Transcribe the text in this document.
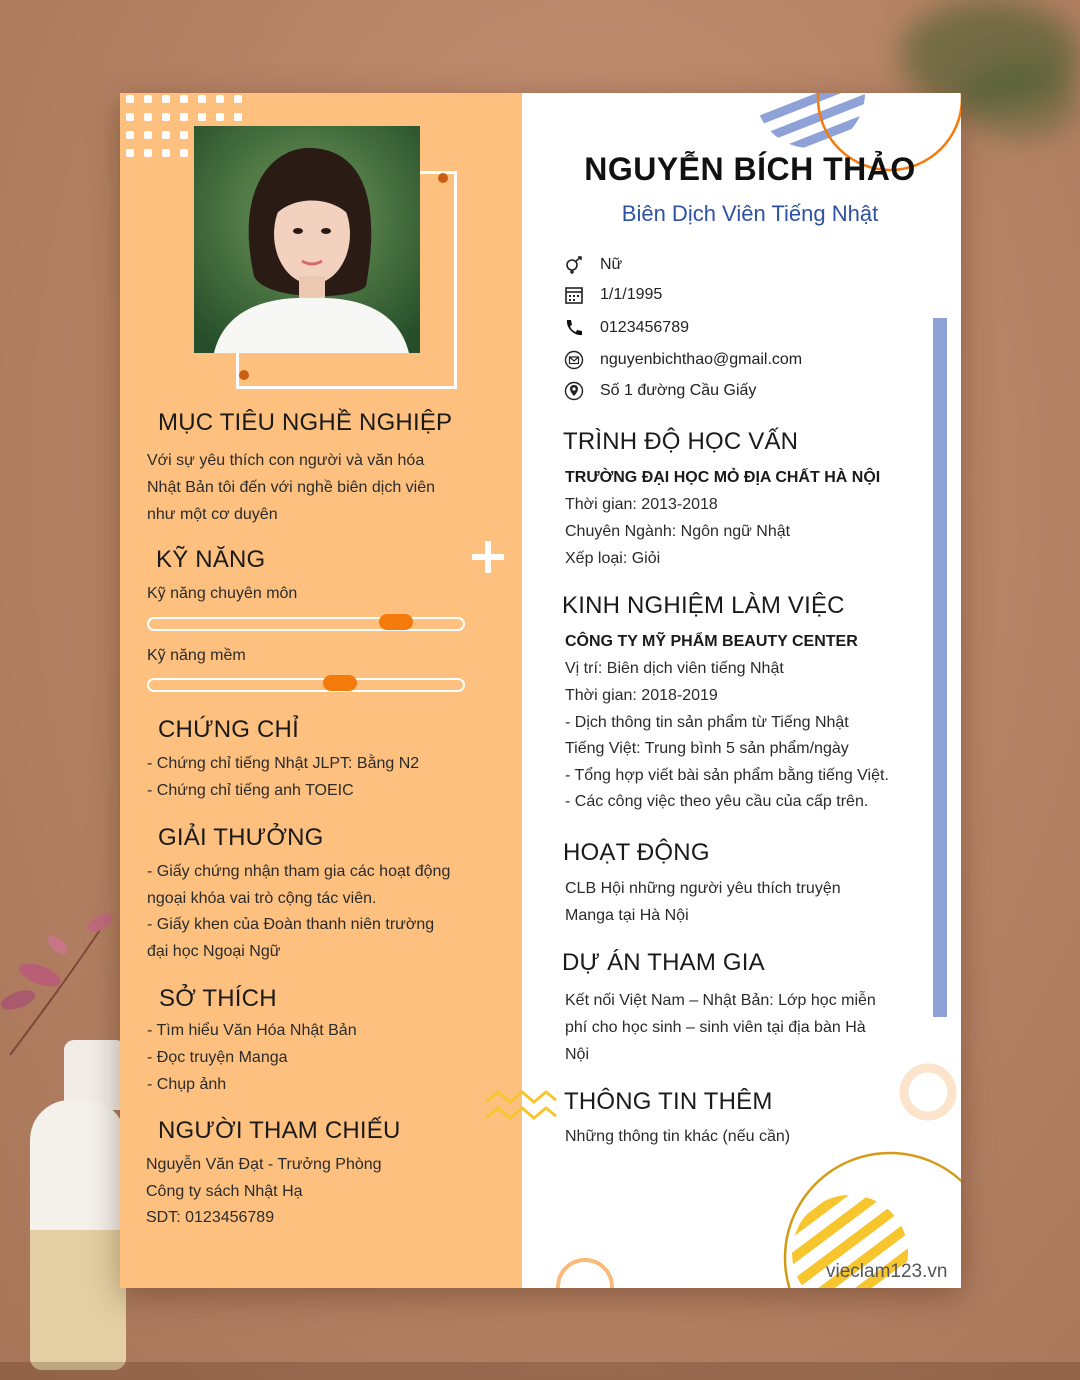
MỤC TIÊU NGHỀ NGHIỆP
Với sự yêu thích con người và văn hóa
Nhật Bản tôi đến với nghề biên dịch viên
như một cơ duyên
KỸ NĂNG
Kỹ năng chuyên môn
Kỹ năng mềm
CHỨNG CHỈ
- Chứng chỉ tiếng Nhật JLPT: Bằng N2
- Chứng chỉ tiếng anh TOEIC
GIẢI THƯỞNG
- Giấy chứng nhận tham gia các hoạt động
ngoại khóa vai trò cộng tác viên.
- Giấy khen của Đoàn thanh niên trường
đại học Ngoại Ngữ
SỞ THÍCH
- Tìm hiểu Văn Hóa Nhật Bản
- Đọc truyện Manga
- Chụp ảnh
NGƯỜI THAM CHIẾU
Nguyễn Văn Đạt - Trưởng Phòng
Công ty sách Nhật Hạ
SDT: 0123456789
NGUYỄN BÍCH THẢO
Biên Dịch Viên Tiếng Nhật
Nữ
1/1/1995
0123456789
nguyenbichthao@gmail.com
Số 1 đường Cầu Giấy
TRÌNH ĐỘ HỌC VẤN
TRƯỜNG ĐẠI HỌC MỎ ĐỊA CHẤT HÀ NỘI
Thời gian: 2013-2018
Chuyên Ngành: Ngôn ngữ Nhật
Xếp loại: Giỏi
KINH NGHIỆM LÀM VIỆC
CÔNG TY MỸ PHẨM BEAUTY CENTER
Vị trí: Biên dịch viên tiếng Nhật
Thời gian: 2018-2019
- Dịch thông tin sản phẩm từ Tiếng Nhật
Tiếng Việt: Trung bình 5 sản phẩm/ngày
- Tổng hợp viết bài sản phẩm bằng tiếng Việt.
- Các công việc theo yêu cầu của cấp trên.
HOẠT ĐỘNG
CLB Hội những người yêu thích truyện
Manga tại Hà Nội
DỰ ÁN THAM GIA
Kết nối Việt Nam – Nhật Bản: Lớp học miễn
phí cho học sinh – sinh viên tại địa bàn Hà
Nội
THÔNG TIN THÊM
Những thông tin khác (nếu cần)
vieclam123.vn
